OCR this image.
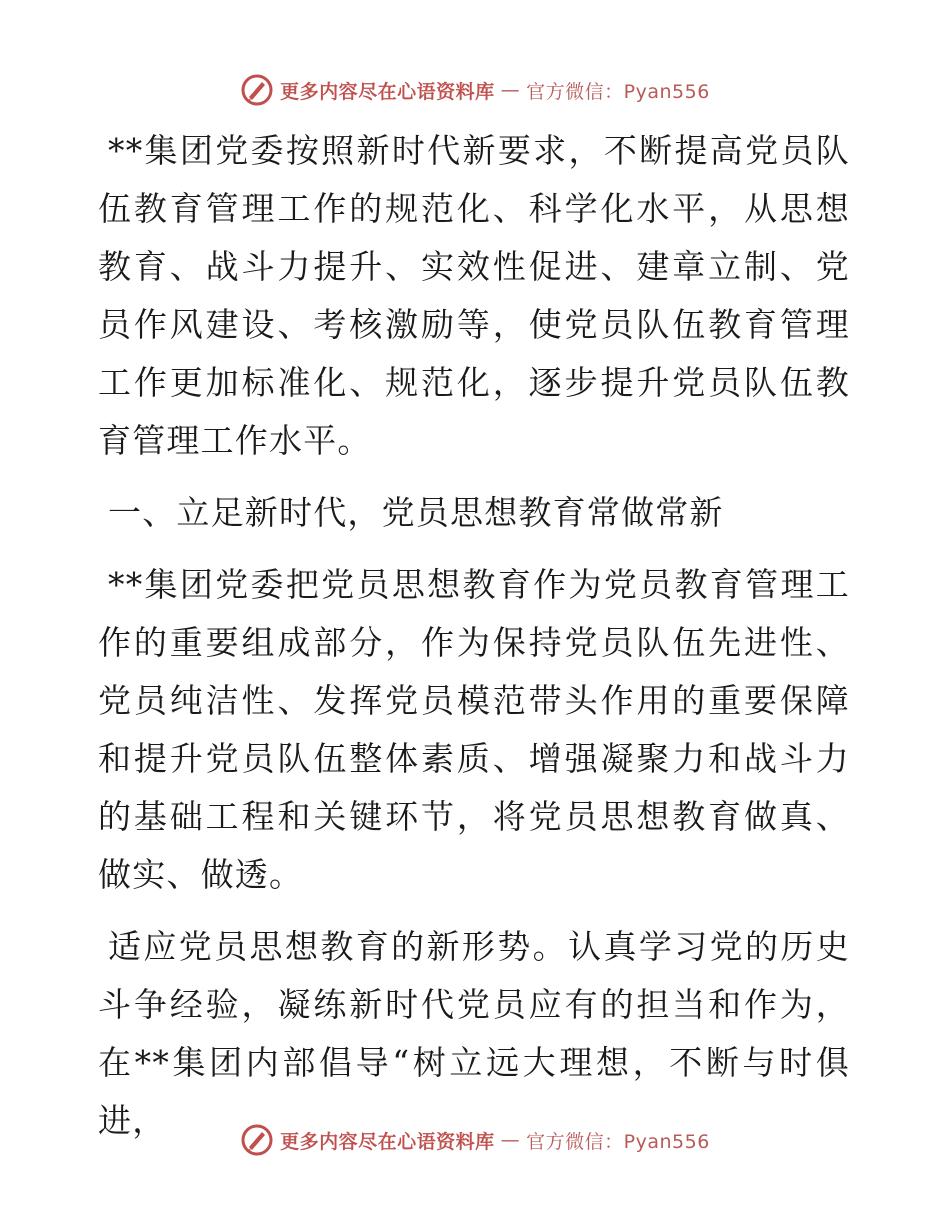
更多内容尽在心语资料库 — 官方微信：Pyan556

**集团党委按照新时代新要求，不断提高党员队伍教育管理工作的规范化、科学化水平，从思想教育、战斗力提升、实效性促进、建章立制、党员作风建设、考核激励等，使党员队伍教育管理工作更加标准化、规范化，逐步提升党员队伍教育管理工作水平。

一、立足新时代，党员思想教育常做常新

**集团党委把党员思想教育作为党员教育管理工作的重要组成部分，作为保持党员队伍先进性、党员纯洁性、发挥党员模范带头作用的重要保障和提升党员队伍整体素质、增强凝聚力和战斗力的基础工程和关键环节，将党员思想教育做真、做实、做透。

适应党员思想教育的新形势。认真学习党的历史斗争经验，凝练新时代党员应有的担当和作为，在**集团内部倡导“树立远大理想，不断与时俱进，

更多内容尽在心语资料库 — 官方微信：Pyan556
